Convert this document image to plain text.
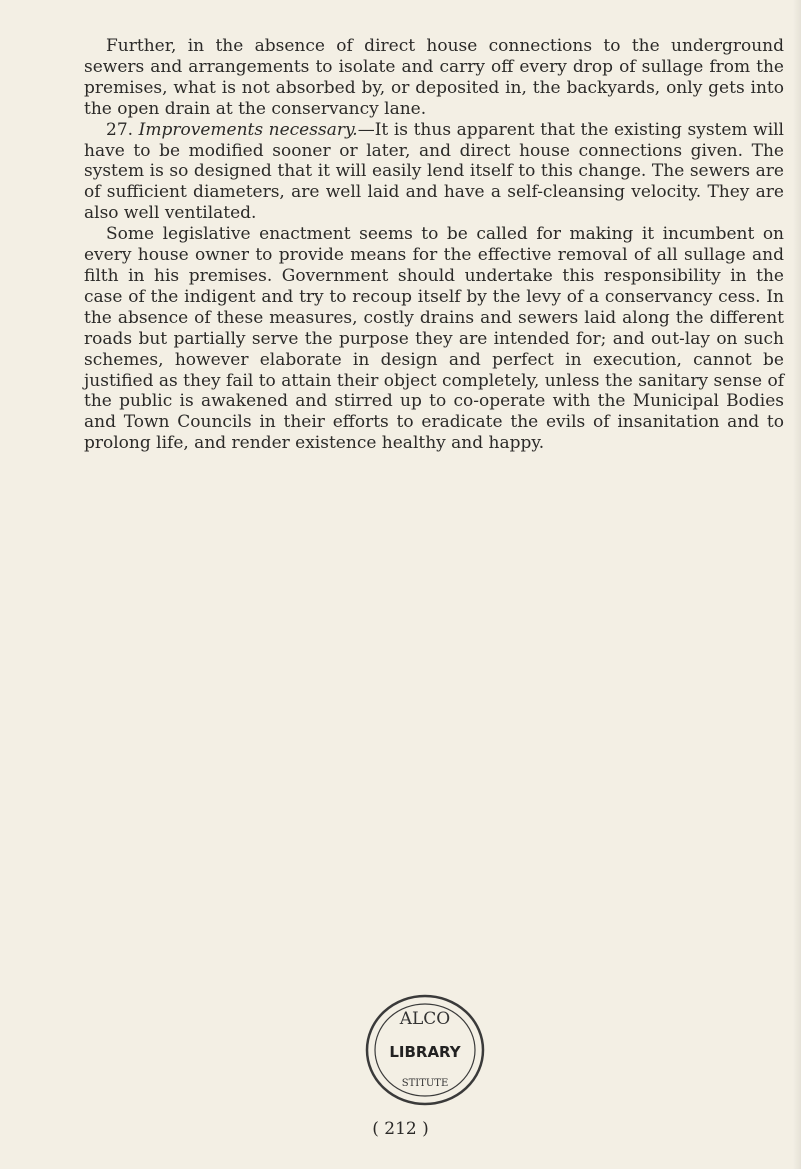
Further, in the absence of direct house connections to the underground sewers and arrangements to isolate and carry off every drop of sullage from the premises, what is not absorbed by, or deposited in, the backyards, only gets into the open drain at the conservancy lane.

27. Improvements necessary.—It is thus apparent that the existing system will have to be modified sooner or later, and direct house connections given. The system is so designed that it will easily lend itself to this change. The sewers are of sufficient diameters, are well laid and have a self-cleansing velocity. They are also well ventilated.

Some legislative enactment seems to be called for making it incumbent on every house owner to provide means for the effective removal of all sullage and filth in his premises. Government should undertake this responsibility in the case of the indigent and try to recoup itself by the levy of a conservancy cess. In the absence of these measures, costly drains and sewers laid along the different roads but partially serve the purpose they are intended for; and out-lay on such schemes, however elaborate in design and perfect in execution, cannot be justified as they fail to attain their object completely, unless the sanitary sense of the public is awakened and stirred up to co-operate with the Municipal Bodies and Town Councils in their efforts to eradicate the evils of insanitation and to prolong life, and render existence healthy and happy.

ALCO
LIBRARY
STITUTE
( 212 )
